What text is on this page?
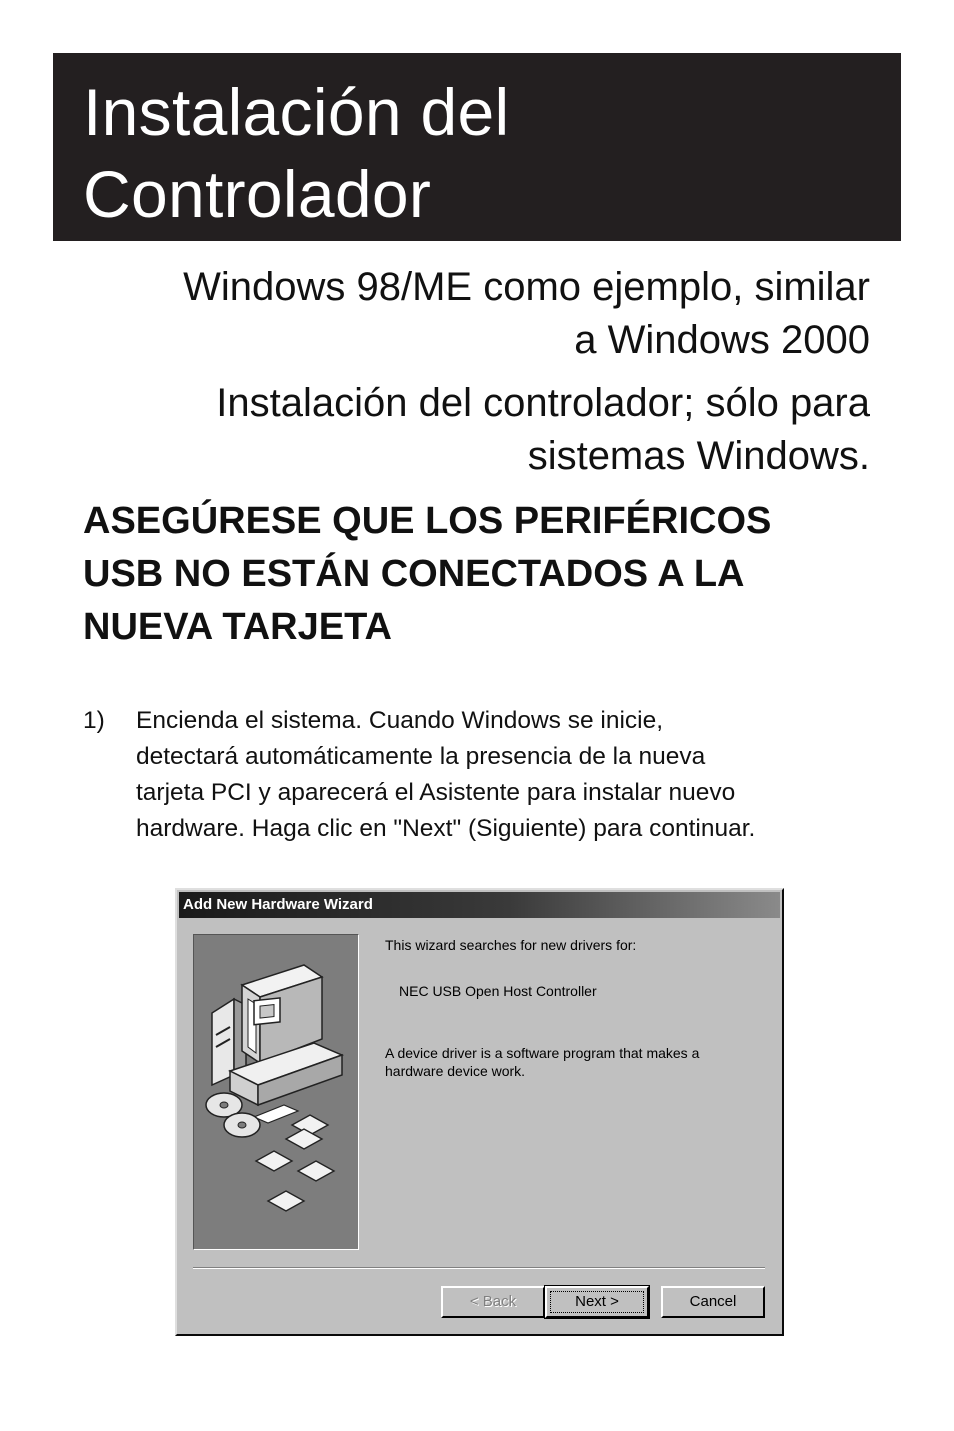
Instalación del
Controlador
Windows 98/ME como ejemplo, similar
a Windows 2000
Instalación del controlador; sólo para
sistemas Windows.
ASEGÚRESE QUE LOS PERIFÉRICOS
USB NO ESTÁN CONECTADOS A LA
NUEVA TARJETA
1) Encienda el sistema. Cuando Windows se inicie,
detectará automáticamente la presencia de la nueva
tarjeta PCI y aparecerá el Asistente para instalar nuevo
hardware. Haga clic en "Next" (Siguiente) para continuar.
Add New Hardware Wizard
This wizard searches for new drivers for:
NEC USB Open Host Controller
A device driver is a software program that makes a
hardware device work.
< Back	Next >	Cancel
